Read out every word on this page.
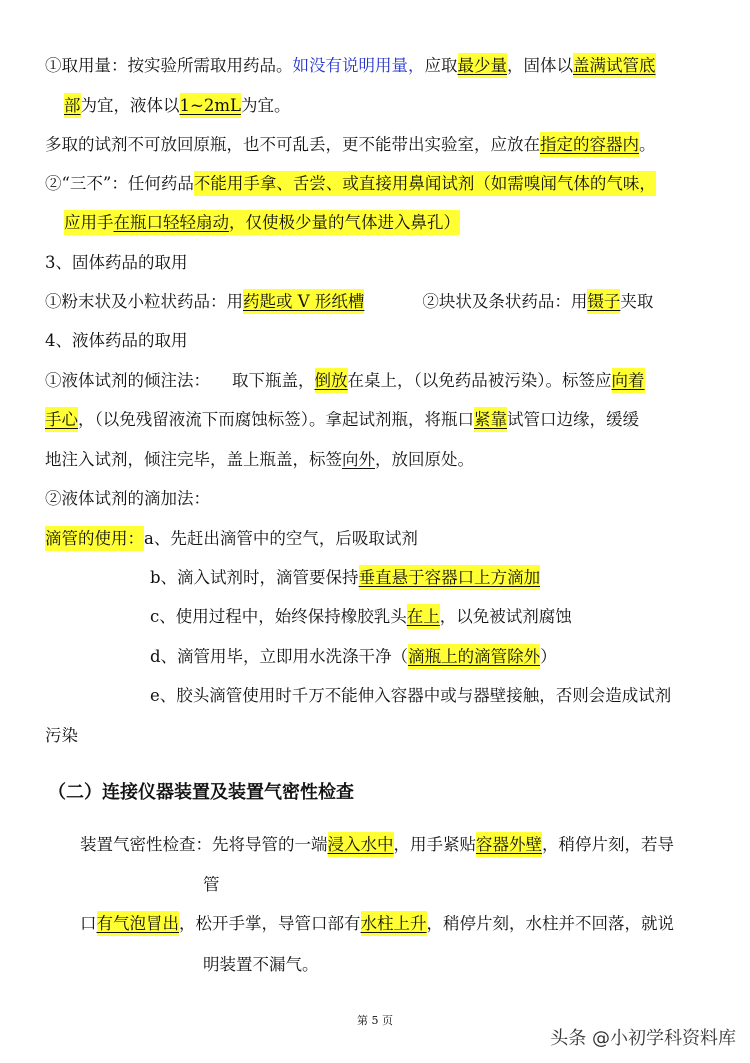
①取用量：按实验所需取用药品。如没有说明用量，应取最少量，固体以盖满试管底
部为宜，液体以1~2mL为宜。
多取的试剂不可放回原瓶，也不可乱丢，更不能带出实验室，应放在指定的容器内。
②“三不”：任何药品不能用手拿、舌尝、或直接用鼻闻试剂（如需嗅闻气体的气味，
应用手在瓶口轻轻扇动，仅使极少量的气体进入鼻孔）
3、固体药品的取用
①粉末状及小粒状药品：用药匙或 V 形纸槽	②块状及条状药品：用镊子夹取
4、液体药品的取用
①液体试剂的倾注法： 取下瓶盖，倒放在桌上，（以免药品被污染）。标签应向着
手心，（以免残留液流下而腐蚀标签）。拿起试剂瓶，将瓶口紧靠试管口边缘，缓缓
地注入试剂，倾注完毕，盖上瓶盖，标签向外，放回原处。
②液体试剂的滴加法：
滴管的使用：a、先赶出滴管中的空气，后吸取试剂
b、滴入试剂时，滴管要保持垂直悬于容器口上方滴加
c、使用过程中，始终保持橡胶乳头在上，以免被试剂腐蚀
d、滴管用毕，立即用水洗涤干净（滴瓶上的滴管除外）
e、胶头滴管使用时千万不能伸入容器中或与器壁接触，否则会造成试剂
污染
（二）连接仪器装置及装置气密性检查
装置气密性检查：先将导管的一端浸入水中，用手紧贴容器外壁，稍停片刻，若导
管
口有气泡冒出，松开手掌，导管口部有水柱上升，稍停片刻，水柱并不回落，就说
明装置不漏气。
第 5 页
头条 @小初学科资料库
